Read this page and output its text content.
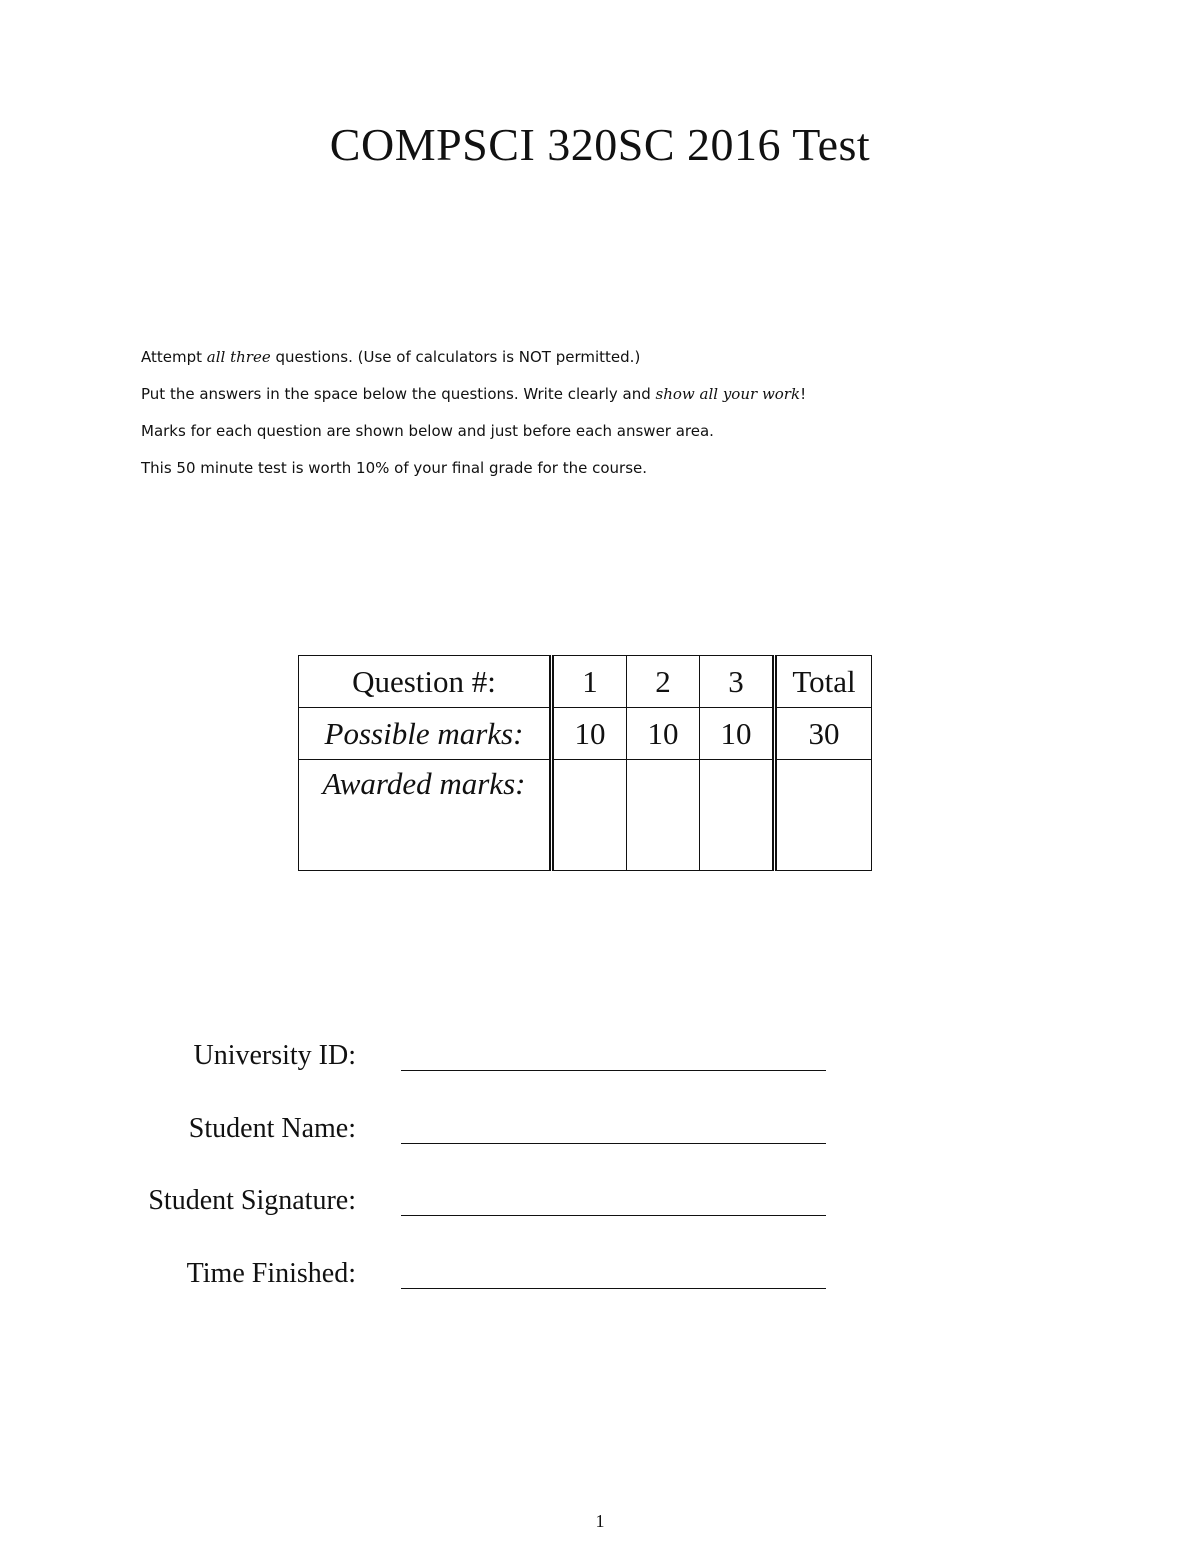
COMPSCI 320SC 2016 Test
Attempt all three questions. (Use of calculators is NOT permitted.)
Put the answers in the space below the questions. Write clearly and show all your work!
Marks for each question are shown below and just before each answer area.
This 50 minute test is worth 10% of your final grade for the course.
Question #:	1	2	3	Total
Possible marks:	10	10	10	30
Awarded marks:				
University ID:
Student Name:
Student Signature:
Time Finished:
1
